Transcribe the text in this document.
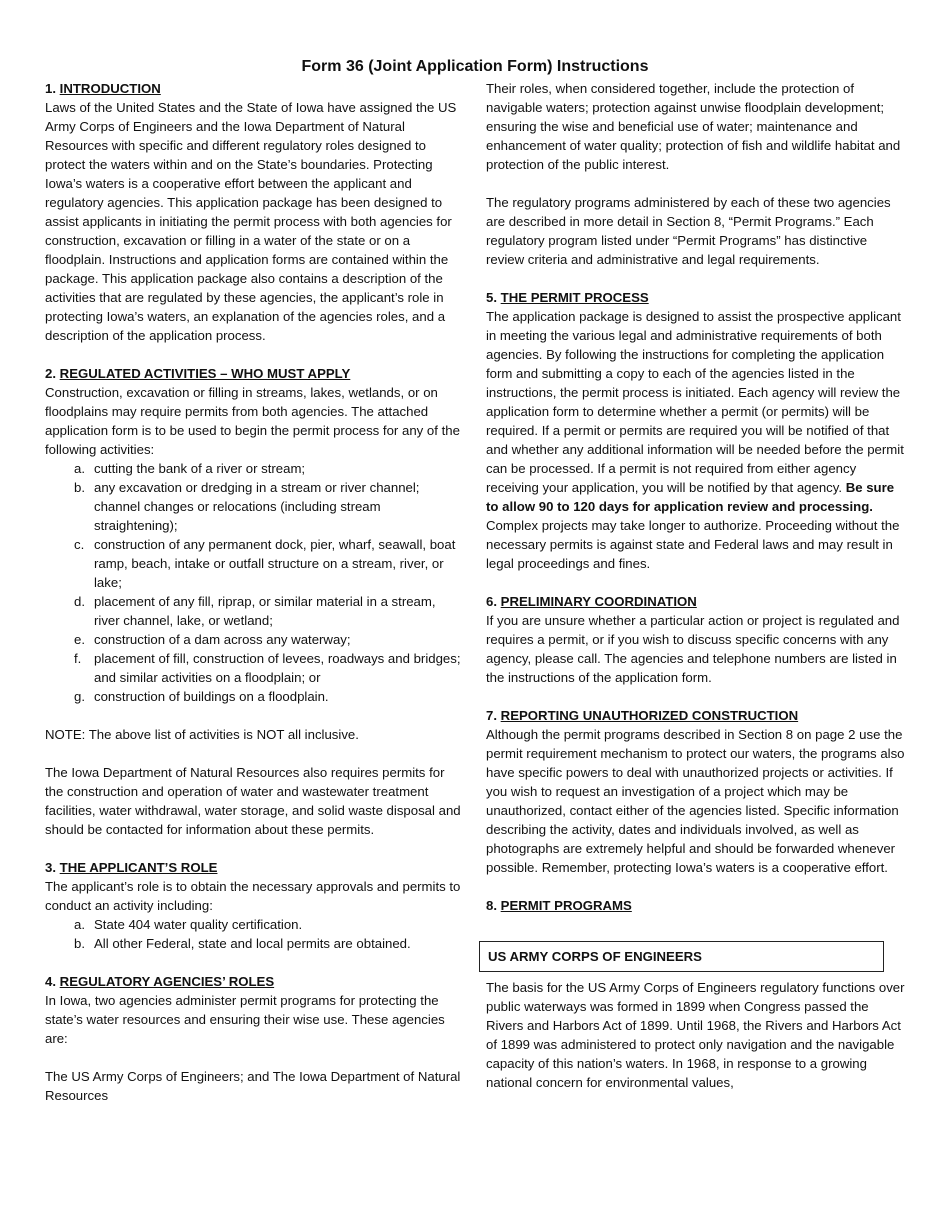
Form 36 (Joint Application Form) Instructions

1. INTRODUCTION

Laws of the United States and the State of Iowa have assigned the US Army Corps of Engineers and the Iowa Department of Natural Resources with specific and different regulatory roles designed to protect the waters within and on the State’s boundaries. Protecting Iowa’s waters is a cooperative effort between the applicant and regulatory agencies. This application package has been designed to assist applicants in initiating the permit process with both agencies for construction, excavation or filling in a water of the state or on a floodplain. Instructions and application forms are contained within the package. This application package also contains a description of the activities that are regulated by these agencies, the applicant’s role in protecting Iowa’s waters, an explanation of the agencies roles, and a description of the application process.

2. REGULATED ACTIVITIES – WHO MUST APPLY

Construction, excavation or filling in streams, lakes, wetlands, or on floodplains may require permits from both agencies. The attached application form is to be used to begin the permit process for any of the following activities:

a. cutting the bank of a river or stream;
b. any excavation or dredging in a stream or river channel; channel changes or relocations (including stream straightening);
c. construction of any permanent dock, pier, wharf, seawall, boat ramp, beach, intake or outfall structure on a stream, river, or lake;
d. placement of any fill, riprap, or similar material in a stream, river channel, lake, or wetland;
e. construction of a dam across any waterway;
f. placement of fill, construction of levees, roadways and bridges; and similar activities on a floodplain; or
g. construction of buildings on a floodplain.

NOTE: The above list of activities is NOT all inclusive.

The Iowa Department of Natural Resources also requires permits for the construction and operation of water and wastewater treatment facilities, water withdrawal, water storage, and solid waste disposal and should be contacted for information about these permits.

3. THE APPLICANT’S ROLE

The applicant’s role is to obtain the necessary approvals and permits to conduct an activity including:

a. State 404 water quality certification.
b. All other Federal, state and local permits are obtained.

4. REGULATORY AGENCIES’ ROLES

In Iowa, two agencies administer permit programs for protecting the state’s water resources and ensuring their wise use. These agencies are:

The US Army Corps of Engineers; and The Iowa Department of Natural Resources

Their roles, when considered together, include the protection of navigable waters; protection against unwise floodplain development; ensuring the wise and beneficial use of water; maintenance and enhancement of water quality; protection of fish and wildlife habitat and protection of the public interest.

The regulatory programs administered by each of these two agencies are described in more detail in Section 8, “Permit Programs.” Each regulatory program listed under “Permit Programs” has distinctive review criteria and administrative and legal requirements.

5. THE PERMIT PROCESS

The application package is designed to assist the prospective applicant in meeting the various legal and administrative requirements of both agencies. By following the instructions for completing the application form and submitting a copy to each of the agencies listed in the instructions, the permit process is initiated. Each agency will review the application form to determine whether a permit (or permits) will be required. If a permit or permits are required you will be notified of that and whether any additional information will be needed before the permit can be processed. If a permit is not required from either agency receiving your application, you will be notified by that agency. Be sure to allow 90 to 120 days for application review and processing. Complex projects may take longer to authorize. Proceeding without the necessary permits is against state and Federal laws and may result in legal proceedings and fines.

6. PRELIMINARY COORDINATION

If you are unsure whether a particular action or project is regulated and requires a permit, or if you wish to discuss specific concerns with any agency, please call. The agencies and telephone numbers are listed in the instructions of the application form.

7. REPORTING UNAUTHORIZED CONSTRUCTION

Although the permit programs described in Section 8 on page 2 use the permit requirement mechanism to protect our waters, the programs also have specific powers to deal with unauthorized projects or activities. If you wish to request an investigation of a project which may be unauthorized, contact either of the agencies listed. Specific information describing the activity, dates and individuals involved, as well as photographs are extremely helpful and should be forwarded whenever possible. Remember, protecting Iowa’s waters is a cooperative effort.

8. PERMIT PROGRAMS

US ARMY CORPS OF ENGINEERS

The basis for the US Army Corps of Engineers regulatory functions over public waterways was formed in 1899 when Congress passed the Rivers and Harbors Act of 1899. Until 1968, the Rivers and Harbors Act of 1899 was administered to protect only navigation and the navigable capacity of this nation’s waters. In 1968, in response to a growing national concern for environmental values,
